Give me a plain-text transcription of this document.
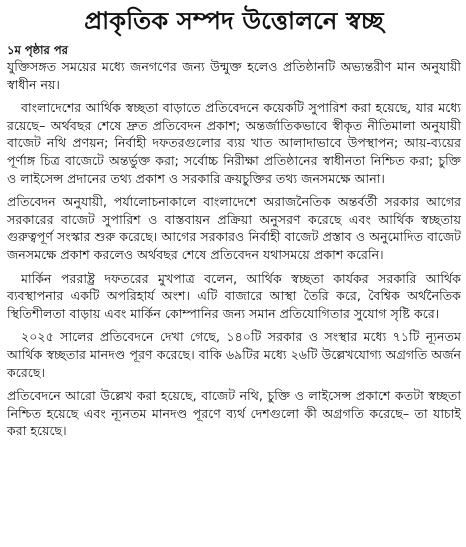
প্রাকৃতিক সম্পদ উত্তোলনে স্বচ্ছ
১ম পৃষ্ঠার পর

যুক্তিসঙ্গত সময়ের মধ্যে জনগণের জন্য উন্মুক্ত হলেও প্রতিষ্ঠানটি অভ্যন্তরীণ মান অনুযায়ী স্বাধীন নয়।

বাংলাদেশের আর্থিক স্বচ্ছতা বাড়াতে প্রতিবেদনে কয়েকটি সুপারিশ করা হয়েছে, যার মধ্যে রয়েছে– অর্থবছর শেষে দ্রুত প্রতিবেদন প্রকাশ; অন্তর্জাতিকভাবে স্বীকৃত নীতিমালা অনুযায়ী বাজেট নথি প্রণয়ন; নির্বাহী দফতরগুলোর ব্যয় খাত আলাদাভাবে উপস্থাপন; আয়-ব্যয়ের পূর্ণাঙ্গ চিত্র বাজেটে অন্তর্ভুক্ত করা; সর্বোচ্চ নিরীক্ষা প্রতিষ্ঠানের স্বাধীনতা নিশ্চিত করা; চুক্তি ও লাইসেন্স প্রদানের তথ্য প্রকাশ ও সরকারি ক্রয়চুক্তির তথ্য জনসমক্ষে আনা।

প্রতিবেদন অনুযায়ী, পর্যালোচনাকালে বাংলাদেশে অরাজনৈতিক অন্তর্বর্তী সরকার আগের সরকারের বাজেট সুপারিশ ও বাস্তবায়ন প্রক্রিয়া অনুসরণ করেছে এবং আর্থিক স্বচ্ছতায় গুরুত্বপূর্ণ সংস্কার শুরু করেছে। আগের সরকারও নির্বাহী বাজেট প্রস্তাব ও অনুমোদিত বাজেট জনসমক্ষে প্রকাশ করলেও অর্থবছর শেষে প্রতিবেদন যথাসময়ে প্রকাশ করেনি।

মার্কিন পররাষ্ট্র দফতরের মুখপাত্র বলেন, আর্থিক স্বচ্ছতা কার্যকর সরকারি আর্থিক ব্যবস্থাপনার একটি অপরিহার্য অংশ। এটি বাজারে আস্থা তৈরি করে, বৈশ্বিক অর্থনৈতিক স্থিতিশীলতা বাড়ায় এবং মার্কিন কোম্পানির জন্য সমান প্রতিযোগিতার সুযোগ সৃষ্টি করে।

২০২৫ সালের প্রতিবেদনে দেখা গেছে, ১৪০টি সরকার ও সংস্থার মধ্যে ৭১টি ন্যূনতম আর্থিক স্বচ্ছতার মানদণ্ড পূরণ করেছে। বাকি ৬৯টির মধ্যে ২৬টি উল্লেখযোগ্য অগ্রগতি অর্জন করেছে।

প্রতিবেদনে আরো উল্লেখ করা হয়েছে, বাজেট নথি, চুক্তি ও লাইসেন্স প্রকাশে কতটা স্বচ্ছতা নিশ্চিত হয়েছে এবং ন্যূনতম মানদণ্ড পূরণে ব্যর্থ দেশগুলো কী অগ্রগতি করেছে– তা যাচাই করা হয়েছে।
